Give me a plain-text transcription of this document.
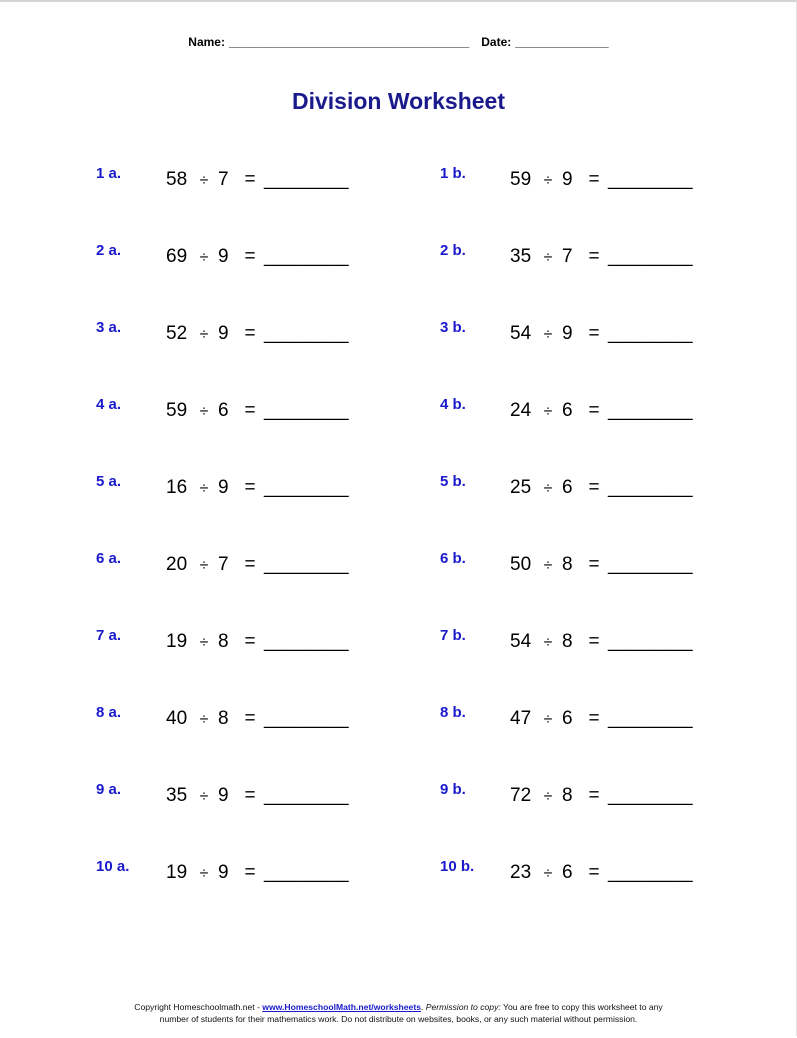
Name: ____________________________________ Date: ______________
Division Worksheet
1 a. 58 ÷ 7 = ________
2 a. 69 ÷ 9 = ________
3 a. 52 ÷ 9 = ________
4 a. 59 ÷ 6 = ________
5 a. 16 ÷ 9 = ________
6 a. 20 ÷ 7 = ________
7 a. 19 ÷ 8 = ________
8 a. 40 ÷ 8 = ________
9 a. 35 ÷ 9 = ________
10 a. 19 ÷ 9 = ________
1 b. 59 ÷ 9 = ________
2 b. 35 ÷ 7 = ________
3 b. 54 ÷ 9 = ________
4 b. 24 ÷ 6 = ________
5 b. 25 ÷ 6 = ________
6 b. 50 ÷ 8 = ________
7 b. 54 ÷ 8 = ________
8 b. 47 ÷ 6 = ________
9 b. 72 ÷ 8 = ________
10 b. 23 ÷ 6 = ________
Copyright Homeschoolmath.net - www.HomeschoolMath.net/worksheets. Permission to copy: You are free to copy this worksheet to any
number of students for their mathematics work. Do not distribute on websites, books, or any such material without permission.
